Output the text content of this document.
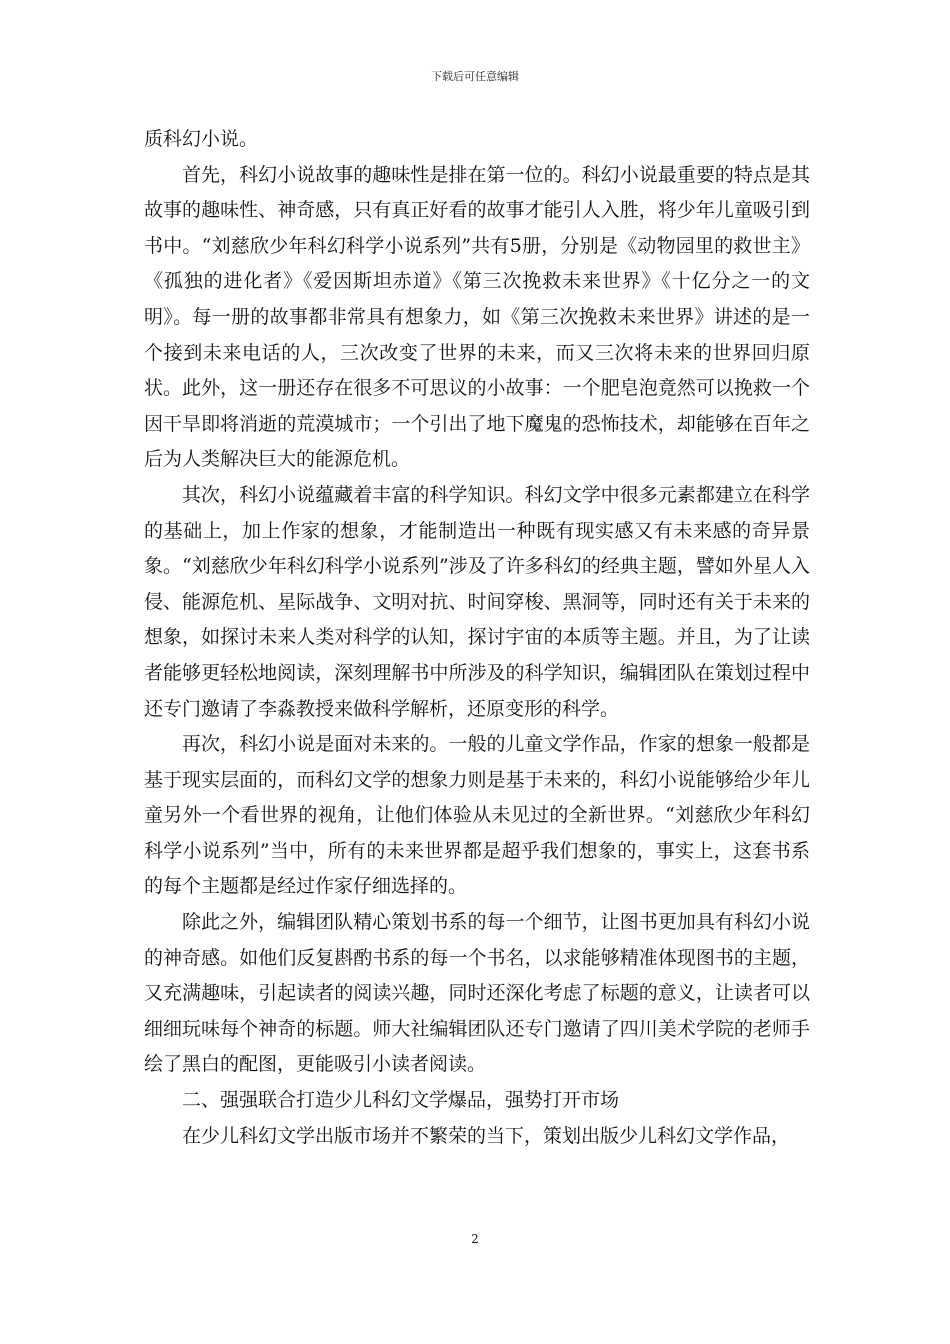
下载后可任意编辑

质科幻小说。

首先，科幻小说故事的趣味性是排在第一位的。科幻小说最重要的特点是其故事的趣味性、神奇感，只有真正好看的故事才能引人入胜，将少年儿童吸引到书中。“刘慈欣少年科幻科学小说系列”共有5册，分别是《动物园里的救世主》《孤独的进化者》《爱因斯坦赤道》《第三次挽救未来世界》《十亿分之一的文明》。每一册的故事都非常具有想象力，如《第三次挽救未来世界》讲述的是一个接到未来电话的人，三次改变了世界的未来，而又三次将未来的世界回归原状。此外，这一册还存在很多不可思议的小故事：一个肥皂泡竟然可以挽救一个因干旱即将消逝的荒漠城市；一个引出了地下魔鬼的恐怖技术，却能够在百年之后为人类解决巨大的能源危机。

其次，科幻小说蕴藏着丰富的科学知识。科幻文学中很多元素都建立在科学的基础上，加上作家的想象，才能制造出一种既有现实感又有未来感的奇异景象。“刘慈欣少年科幻科学小说系列”涉及了许多科幻的经典主题，譬如外星人入侵、能源危机、星际战争、文明对抗、时间穿梭、黑洞等，同时还有关于未来的想象，如探讨未来人类对科学的认知，探讨宇宙的本质等主题。并且，为了让读者能够更轻松地阅读，深刻理解书中所涉及的科学知识，编辑团队在策划过程中还专门邀请了李淼教授来做科学解析，还原变形的科学。

再次，科幻小说是面对未来的。一般的儿童文学作品，作家的想象一般都是基于现实层面的，而科幻文学的想象力则是基于未来的，科幻小说能够给少年儿童另外一个看世界的视角，让他们体验从未见过的全新世界。“刘慈欣少年科幻科学小说系列”当中，所有的未来世界都是超乎我们想象的，事实上，这套书系的每个主题都是经过作家仔细选择的。

除此之外，编辑团队精心策划书系的每一个细节，让图书更加具有科幻小说的神奇感。如他们反复斟酌书系的每一个书名，以求能够精准体现图书的主题，又充满趣味，引起读者的阅读兴趣，同时还深化考虑了标题的意义，让读者可以细细玩味每个神奇的标题。师大社编辑团队还专门邀请了四川美术学院的老师手绘了黑白的配图，更能吸引小读者阅读。

二、强强联合打造少儿科幻文学爆品，强势打开市场

在少儿科幻文学出版市场并不繁荣的当下，策划出版少儿科幻文学作品，

2
